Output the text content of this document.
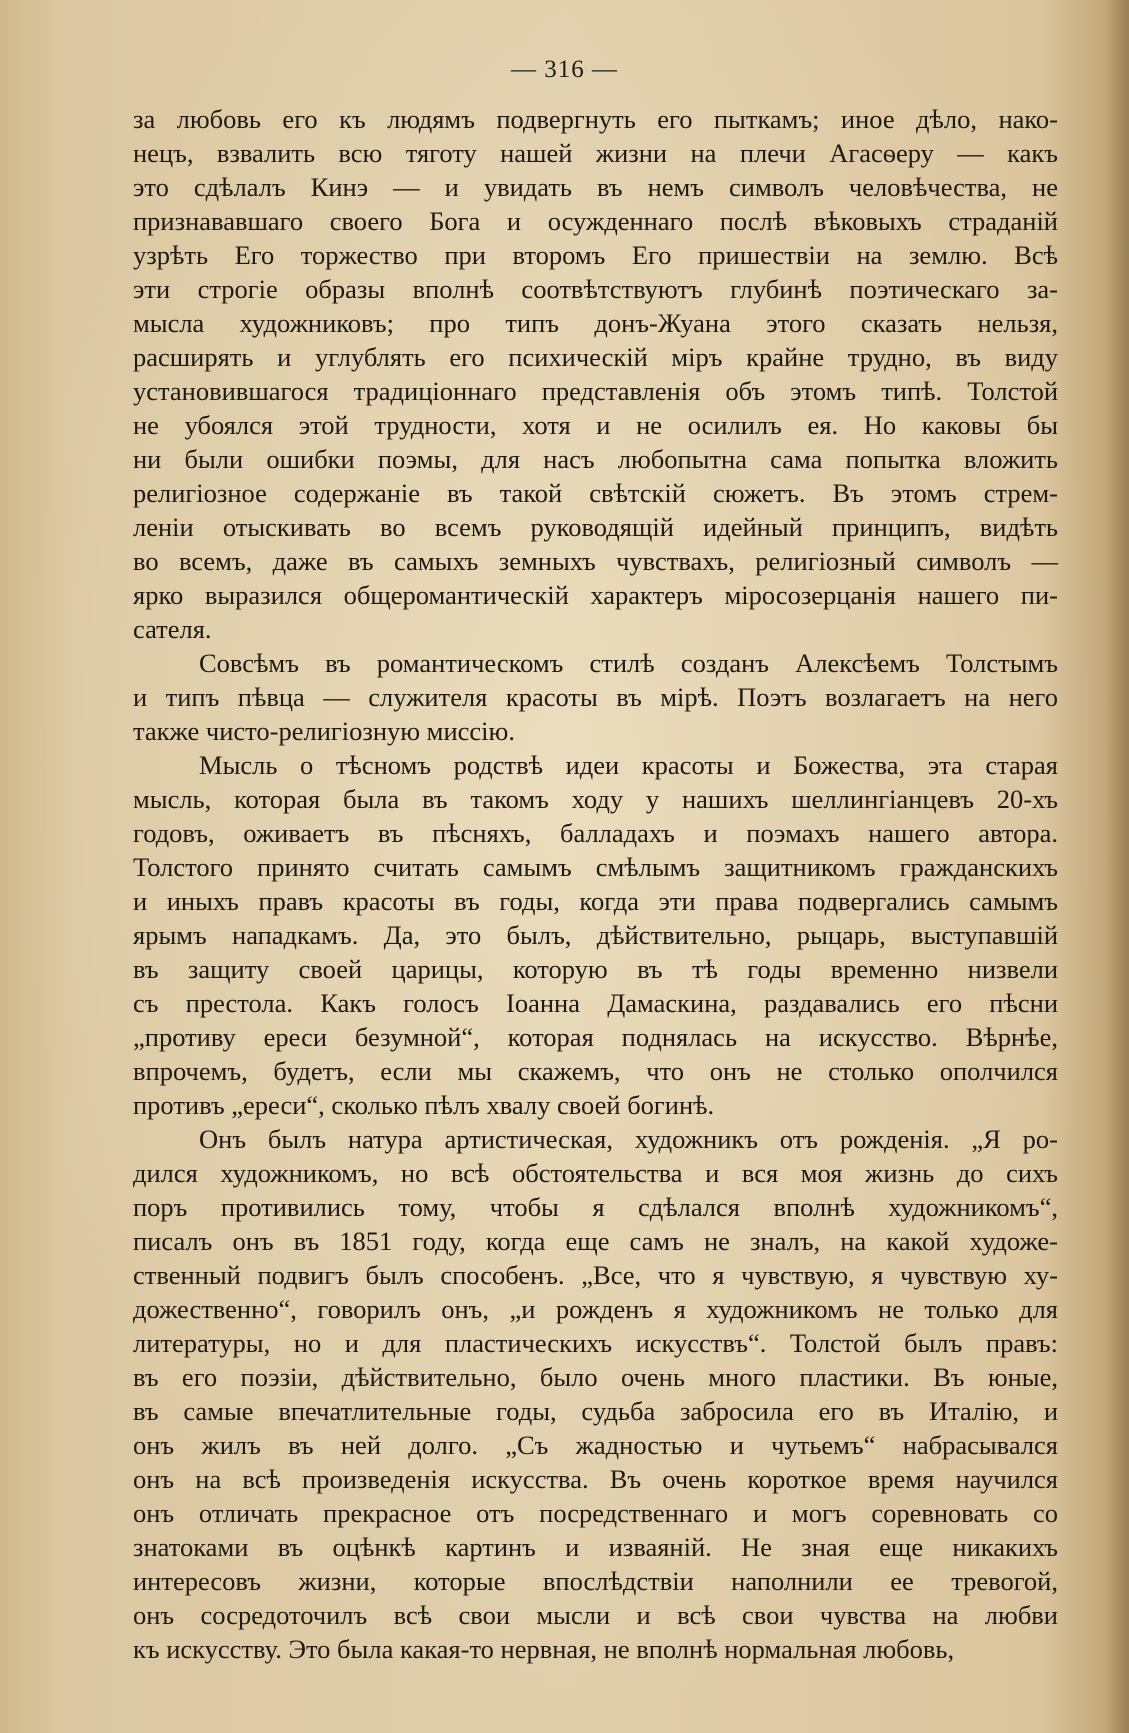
— 316 —
за любовь его къ людямъ подвергнуть его пыткамъ; иное дѣло, нако-
нецъ, взвалить всю тяготу нашей жизни на плечи Агасѳеру — какъ
это сдѣлалъ Кинэ — и увидать въ немъ символъ человѣчества, не
признававшаго своего Бога и осужденнаго послѣ вѣковыхъ страданій
узрѣть Его торжество при второмъ Его пришествіи на землю. Всѣ
эти строгіе образы вполнѣ соотвѣтствуютъ глубинѣ поэтическаго за-
мысла художниковъ; про типъ донъ-Жуана этого сказать нельзя,
расширять и углублять его психическій міръ крайне трудно, въ виду
установившагося традиціоннаго представленія объ этомъ типѣ. Толстой
не убоялся этой трудности, хотя и не осилилъ ея. Но каковы бы
ни были ошибки поэмы, для насъ любопытна сама попытка вложить
религіозное содержаніе въ такой свѣтскій сюжетъ. Въ этомъ стрем-
леніи отыскивать во всемъ руководящій идейный принципъ, видѣть
во всемъ, даже въ самыхъ земныхъ чувствахъ, религіозный символъ —
ярко выразился общеромантическій характеръ міросозерцанія нашего пи-
сателя.
Совсѣмъ въ романтическомъ стилѣ созданъ Алексѣемъ Толстымъ
и типъ пѣвца — служителя красоты въ мірѣ. Поэтъ возлагаетъ на него
также чисто-религіозную миссію.
Мысль о тѣсномъ родствѣ идеи красоты и Божества, эта старая
мысль, которая была въ такомъ ходу у нашихъ шеллингіанцевъ 20-хъ
годовъ, оживаетъ въ пѣсняхъ, балладахъ и поэмахъ нашего автора.
Толстого принято считать самымъ смѣлымъ защитникомъ гражданскихъ
и иныхъ правъ красоты въ годы, когда эти права подвергались самымъ
ярымъ нападкамъ. Да, это былъ, дѣйствительно, рыцарь, выступавшій
въ защиту своей царицы, которую въ тѣ годы временно низвели
съ престола. Какъ голосъ Іоанна Дамаскина, раздавались его пѣсни
„противу ереси безумной“, которая поднялась на искусство. Вѣрнѣе,
впрочемъ, будетъ, если мы скажемъ, что онъ не столько ополчился
противъ „ереси“, сколько пѣлъ хвалу своей богинѣ.
Онъ былъ натура артистическая, художникъ отъ рожденія. „Я ро-
дился художникомъ, но всѣ обстоятельства и вся моя жизнь до сихъ
поръ противились тому, чтобы я сдѣлался вполнѣ художникомъ“,
писалъ онъ въ 1851 году, когда еще самъ не зналъ, на какой художе-
ственный подвигъ былъ способенъ. „Все, что я чувствую, я чувствую ху-
дожественно“, говорилъ онъ, „и рожденъ я художникомъ не только для
литературы, но и для пластическихъ искусствъ“. Толстой былъ правъ:
въ его поэзіи, дѣйствительно, было очень много пластики. Въ юные,
въ самые впечатлительные годы, судьба забросила его въ Италію, и
онъ жилъ въ ней долго. „Съ жадностью и чутьемъ“ набрасывался
онъ на всѣ произведенія искусства. Въ очень короткое время научился
онъ отличать прекрасное отъ посредственнаго и могъ соревновать со
знатоками въ оцѣнкѣ картинъ и изваяній. Не зная еще никакихъ
интересовъ жизни, которые впослѣдствіи наполнили ее тревогой,
онъ сосредоточилъ всѣ свои мысли и всѣ свои чувства на любви
къ искусству. Это была какая-то нервная, не вполнѣ нормальная любовь,
